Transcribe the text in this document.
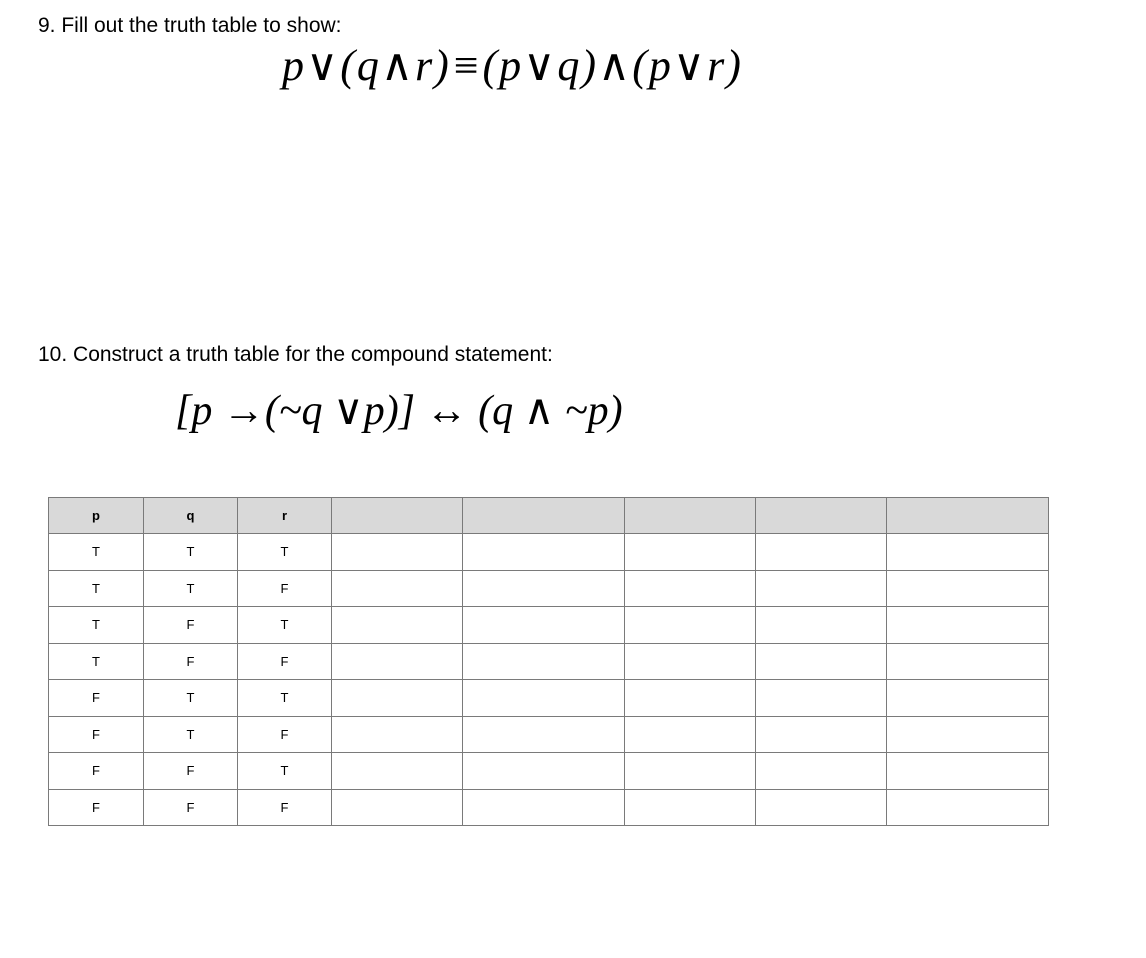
9. Fill out the truth table to show:
p∨(q∧r)≡(p∨q)∧(p∨r)
10. Construct a truth table for the compound statement:
[p →(~q ∨p)] ↔ (q ∧ ~p)
p	q	r					
T	T	T					
T	T	F					
T	F	T					
T	F	F					
F	T	T					
F	T	F					
F	F	T					
F	F	F					
